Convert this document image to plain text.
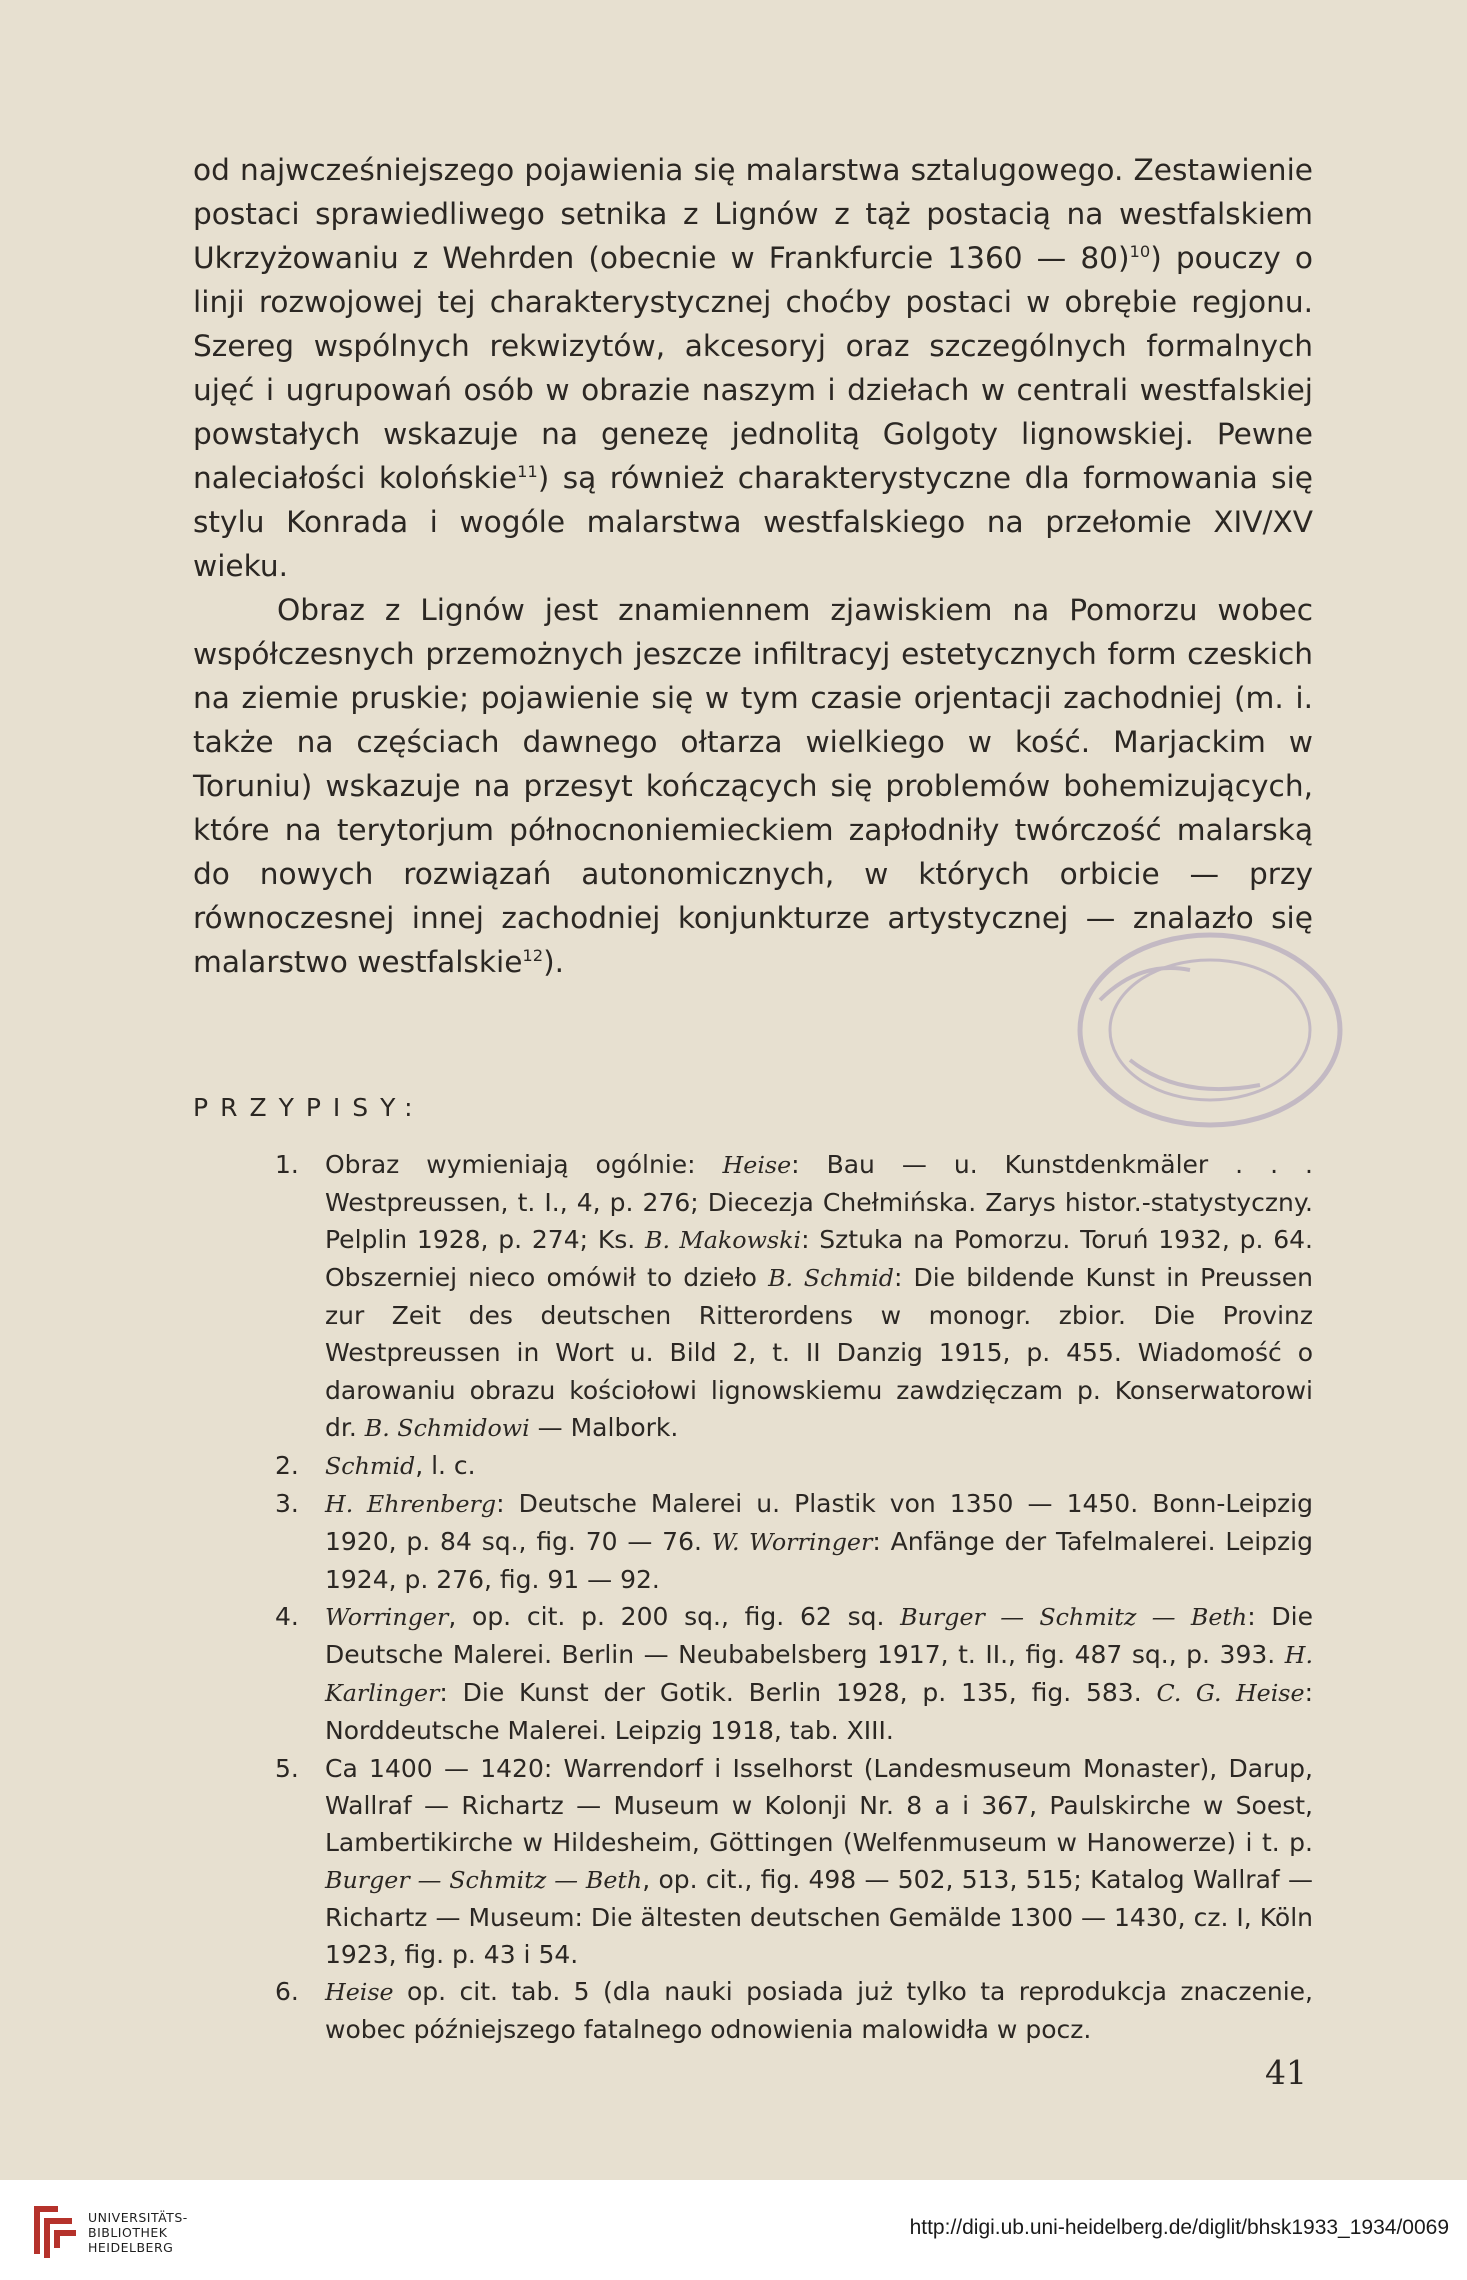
od najwcześniejszego pojawienia się malarstwa sztalugowego. Zestawienie postaci sprawiedliwego setnika z Lignów z tąż postacią na westfalskiem Ukrzyżowaniu z Wehrden (obecnie w Frankfurcie 1360 — 80)$^{10}$) pouczy o linji rozwojowej tej charakterystycznej choćby postaci w obrębie regjonu. Szereg wspólnych rekwizytów, akcesoryj oraz szczególnych formalnych ujęć i ugrupowań osób w obrazie naszym i dziełach w centrali westfalskiej powstałych wskazuje na genezę jednolitą Golgoty lignowskiej. Pewne naleciałości kolońskie$^{11}$) są również charakterystyczne dla formowania się stylu Konrada i wogóle malarstwa westfalskiego na przełomie XIV/XV wieku.

Obraz z Lignów jest znamiennem zjawiskiem na Pomorzu wobec współczesnych przemożnych jeszcze infiltracyj estetycznych form czeskich na ziemie pruskie; pojawienie się w tym czasie orjentacji zachodniej (m. i. także na częściach dawnego ołtarza wielkiego w kość. Marjackim w Toruniu) wskazuje na przesyt kończących się problemów bohemizujących, które na terytorjum północnoniemieckiem zapłodniły twórczość malarską do nowych rozwiązań autonomicznych, w których orbicie — przy równoczesnej innej zachodniej konjunkturze artystycznej — znalazło się malarstwo westfalskie$^{12}$).

PRZYPISY:
1. Obraz wymieniają ogólnie: Heise: Bau — u. Kunstdenkmäler . . . Westpreussen, t. I., 4, p. 276; Diecezja Chełmińska. Zarys histor.-statystyczny. Pelplin 1928, p. 274; Ks. B. Makowski: Sztuka na Pomorzu. Toruń 1932, p. 64. Obszerniej nieco omówił to dzieło B. Schmid: Die bildende Kunst in Preussen zur Zeit des deutschen Ritterordens w monogr. zbior. Die Provinz Westpreussen in Wort u. Bild 2, t. II Danzig 1915, p. 455. Wiadomość o darowaniu obrazu kościołowi lignowskiemu zawdzięczam p. Konserwatorowi dr. B. Schmidowi — Malbork.
2. Schmid, l. c.
3. H. Ehrenberg: Deutsche Malerei u. Plastik von 1350 — 1450. Bonn-Leipzig 1920, p. 84 sq., fig. 70 — 76. W. Worringer: Anfänge der Tafelmalerei. Leipzig 1924, p. 276, fig. 91 — 92.
4. Worringer, op. cit. p. 200 sq., fig. 62 sq. Burger — Schmitz — Beth: Die Deutsche Malerei. Berlin — Neubabelsberg 1917, t. II., fig. 487 sq., p. 393. H. Karlinger: Die Kunst der Gotik. Berlin 1928, p. 135, fig. 583. C. G. Heise: Norddeutsche Malerei. Leipzig 1918, tab. XIII.
5. Ca 1400 — 1420: Warrendorf i Isselhorst (Landesmuseum Monaster), Darup, Wallraf — Richartz — Museum w Kolonji Nr. 8 a i 367, Paulskirche w Soest, Lambertikirche w Hildesheim, Göttingen (Welfenmuseum w Hanowerze) i t. p. Burger — Schmitz — Beth, op. cit., fig. 498 — 502, 513, 515; Katalog Wallraf — Richartz — Museum: Die ältesten deutschen Gemälde 1300 — 1430, cz. I, Köln 1923, fig. p. 43 i 54.
6. Heise op. cit. tab. 5 (dla nauki posiada już tylko ta reprodukcja znaczenie, wobec późniejszego fatalnego odnowienia malowidła w pocz.
41
UNIVERSITÄTS-
BIBLIOTHEK
HEIDELBERG
http://digi.ub.uni-heidelberg.de/diglit/bhsk1933_1934/0069
